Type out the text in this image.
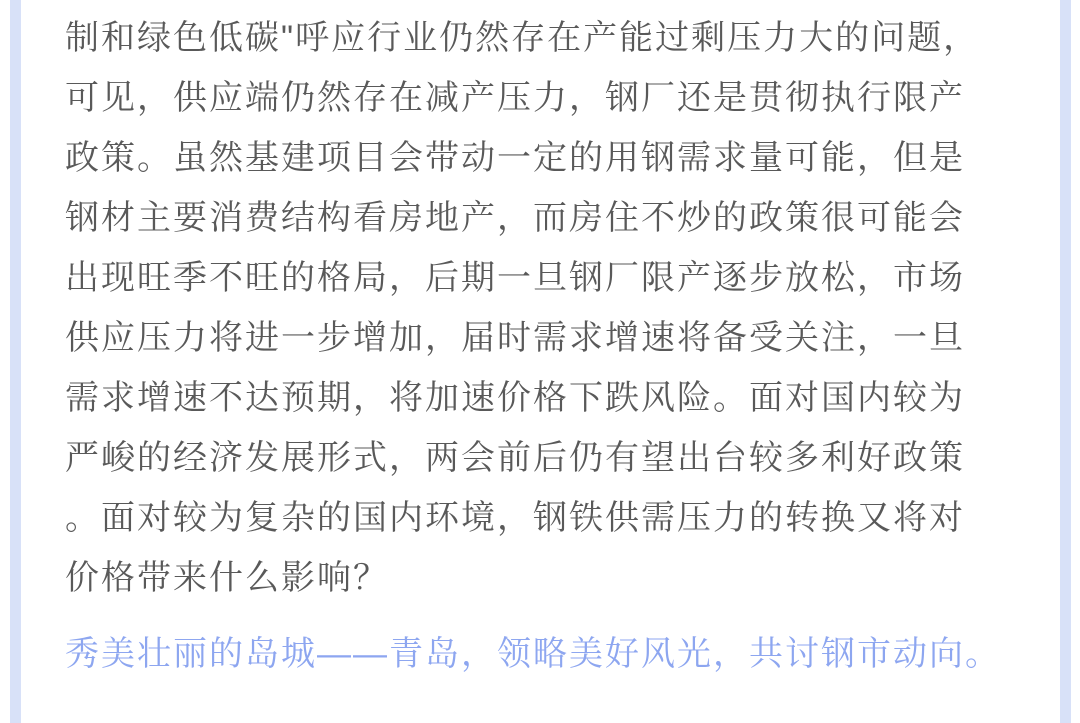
制和绿色低碳"呼应行业仍然存在产能过剩压力大的问题，
可见，供应端仍然存在减产压力，钢厂还是贯彻执行限产
政策。虽然基建项目会带动一定的用钢需求量可能，但是
钢材主要消费结构看房地产，而房住不炒的政策很可能会
出现旺季不旺的格局，后期一旦钢厂限产逐步放松，市场
供应压力将进一步增加，届时需求增速将备受关注，一旦
需求增速不达预期，将加速价格下跌风险。面对国内较为
严峻的经济发展形式，两会前后仍有望出台较多利好政策
。面对较为复杂的国内环境，钢铁供需压力的转换又将对
价格带来什么影响？
秀美壮丽的岛城——青岛，领略美好风光，共讨钢市动向。
